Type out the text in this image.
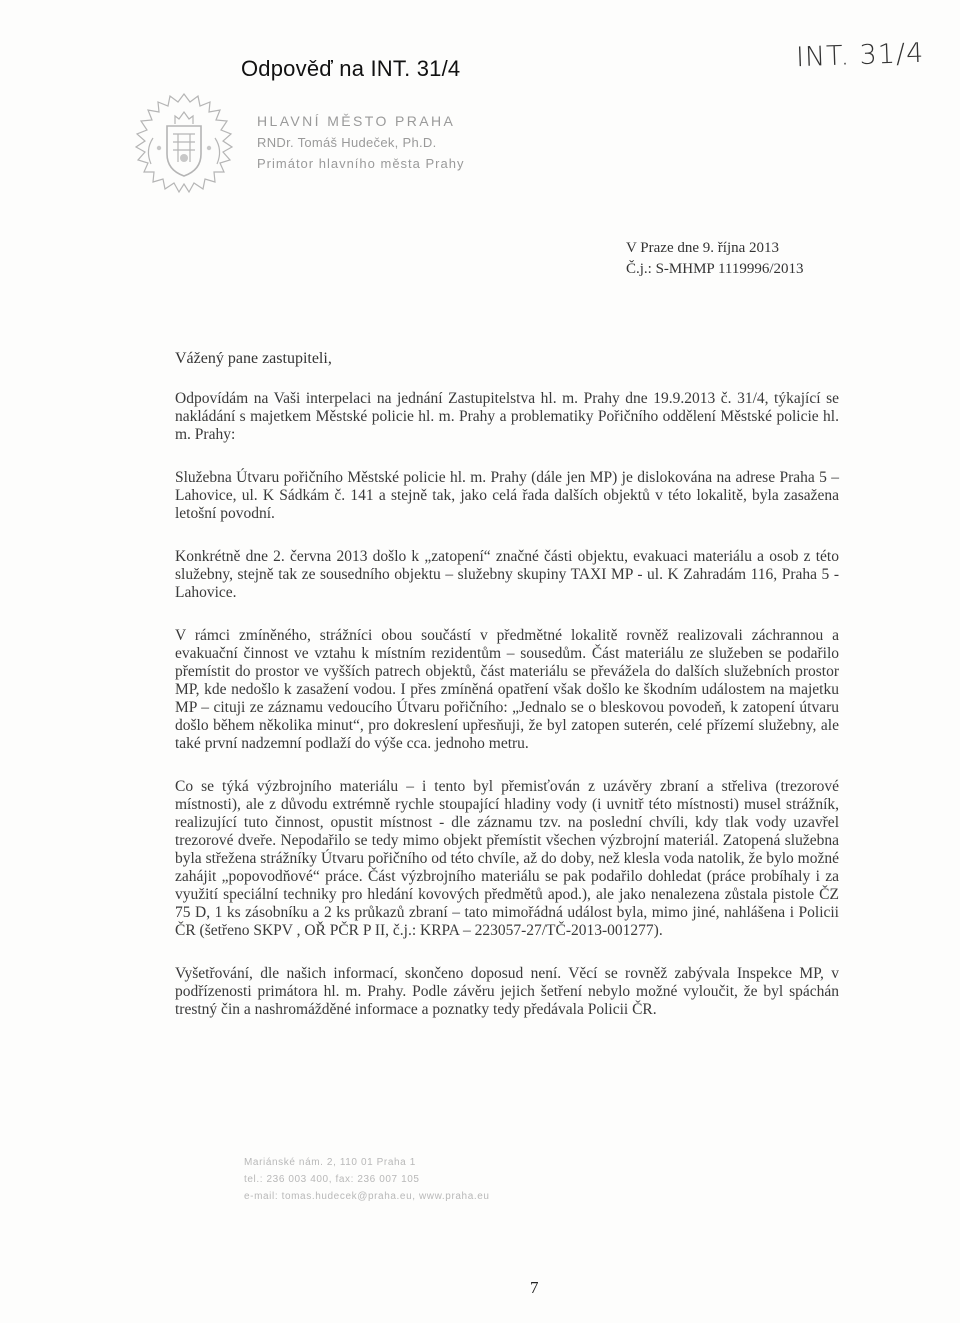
Odpověď na INT. 31/4	INT. 31/4
HLAVNÍ MĚSTO PRAHA
RNDr. Tomáš Hudeček, Ph.D.
Primátor hlavního města Prahy
V Praze dne 9. října 2013
Č.j.: S-MHMP 1119996/2013
Vážený pane zastupiteli,

Odpovídám na Vaši interpelaci na jednání Zastupitelstva hl. m. Prahy dne 19.9.2013 č. 31/4, týkající se nakládání s majetkem Městské policie hl. m. Prahy a problematiky Pořičního oddělení Městské policie hl. m. Prahy:

Služebna Útvaru pořičního Městské policie hl. m. Prahy (dále jen MP) je dislokována na adrese Praha 5 – Lahovice, ul. K Sádkám č. 141 a stejně tak, jako celá řada dalších objektů v této lokalitě, byla zasažena letošní povodní.

Konkrétně dne 2. června 2013 došlo k „zatopení“ značné části objektu, evakuaci materiálu a osob z této služebny, stejně tak ze sousedního objektu – služebny skupiny TAXI MP - ul. K Zahradám 116, Praha 5 - Lahovice.

V rámci zmíněného, strážníci obou součástí v předmětné lokalitě rovněž realizovali záchrannou a evakuační činnost ve vztahu k místním rezidentům – sousedům. Část materiálu ze služeben se podařilo přemístit do prostor ve vyšších patrech objektů, část materiálu se převážela do dalších služebních prostor MP, kde nedošlo k zasažení vodou. I přes zmíněná opatření však došlo ke škodním událostem na majetku MP – cituji ze záznamu vedoucího Útvaru pořičního: „Jednalo se o bleskovou povodeň, k zatopení útvaru došlo během několika minut“, pro dokreslení upřesňuji, že byl zatopen suterén, celé přízemí služebny, ale také první nadzemní podlaží do výše cca. jednoho metru.

Co se týká výzbrojního materiálu – i tento byl přemisťován z uzávěry zbraní a střeliva (trezorové místnosti), ale z důvodu extrémně rychle stoupající hladiny vody (i uvnitř této místnosti) musel strážník, realizující tuto činnost, opustit místnost - dle záznamu tzv. na poslední chvíli, kdy tlak vody uzavřel trezorové dveře. Nepodařilo se tedy mimo objekt přemístit všechen výzbrojní materiál. Zatopená služebna byla střežena strážníky Útvaru pořičního od této chvíle, až do doby, než klesla voda natolik, že bylo možné zahájit „popovodňové“ práce. Část výzbrojního materiálu se pak podařilo dohledat (práce probíhaly i za využití speciální techniky pro hledání kovových předmětů apod.), ale jako nenalezena zůstala pistole ČZ 75 D, 1 ks zásobníku a 2 ks průkazů zbraní – tato mimořádná událost byla, mimo jiné, nahlášena i Policii ČR (šetřeno SKPV , OŘ PČR P II, č.j.: KRPA – 223057-27/TČ-2013-001277).

Vyšetřování, dle našich informací, skončeno doposud není. Věcí se rovněž zabývala Inspekce MP, v podřízenosti primátora hl. m. Prahy. Podle závěru jejich šetření nebylo možné vyloučit, že byl spáchán trestný čin a nashromážděné informace a poznatky tedy předávala Policii ČR.

Mariánské nám. 2, 110 01 Praha 1
tel.: 236 003 400, fax: 236 007 105
e-mail: tomas.hudecek@praha.eu, www.praha.eu
7
